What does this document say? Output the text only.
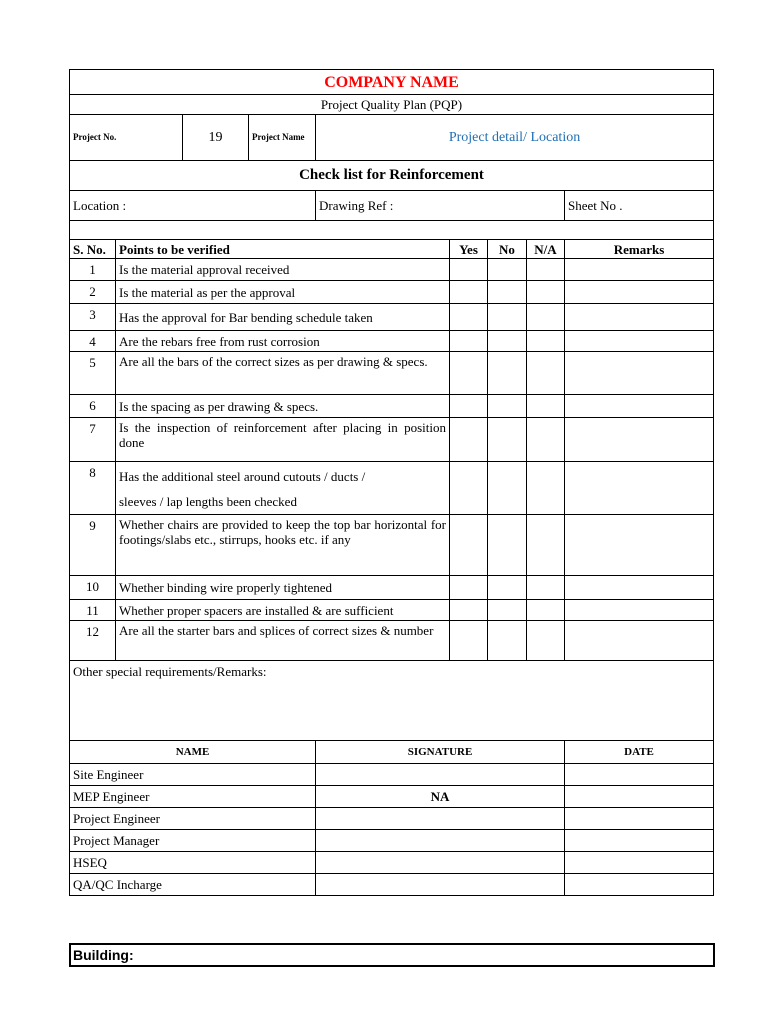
COMPANY NAME								
Project Quality Plan (PQP)								
Project No.		19	Project Name	Project detail/ Location				
Check list for Reinforcement								
Location :				Drawing Ref :				Sheet No .

S. No.	Points to be verified				Yes	No	N/A	Remarks
1	Is the material approval received							
2	Is the material as per the approval							
3	Has the approval for Bar bending schedule taken							
4	Are the rebars free from rust corrosion							
5	Are all the bars of the correct sizes as per drawing & specs.							
6	Is the spacing as per drawing & specs.							
7	Is the inspection of reinforcement after placing in position done							
8	Has the additional steel around cutouts / ducts /
sleeves / lap lengths been checked							
9	Whether chairs are provided to keep the top bar horizontal for footings/slabs etc., stirrups, hooks etc. if any							
10	Whether binding wire properly tightened							
11	Whether proper spacers are installed & are sufficient							
12	Are all the starter bars and splices of correct sizes & number							
Other special requirements/Remarks:								
NAME				SIGNATURE				DATE
Site Engineer								
MEP Engineer				NA				
Project Engineer								
Project Manager								
HSEQ								
QA/QC Incharge								
Building:
